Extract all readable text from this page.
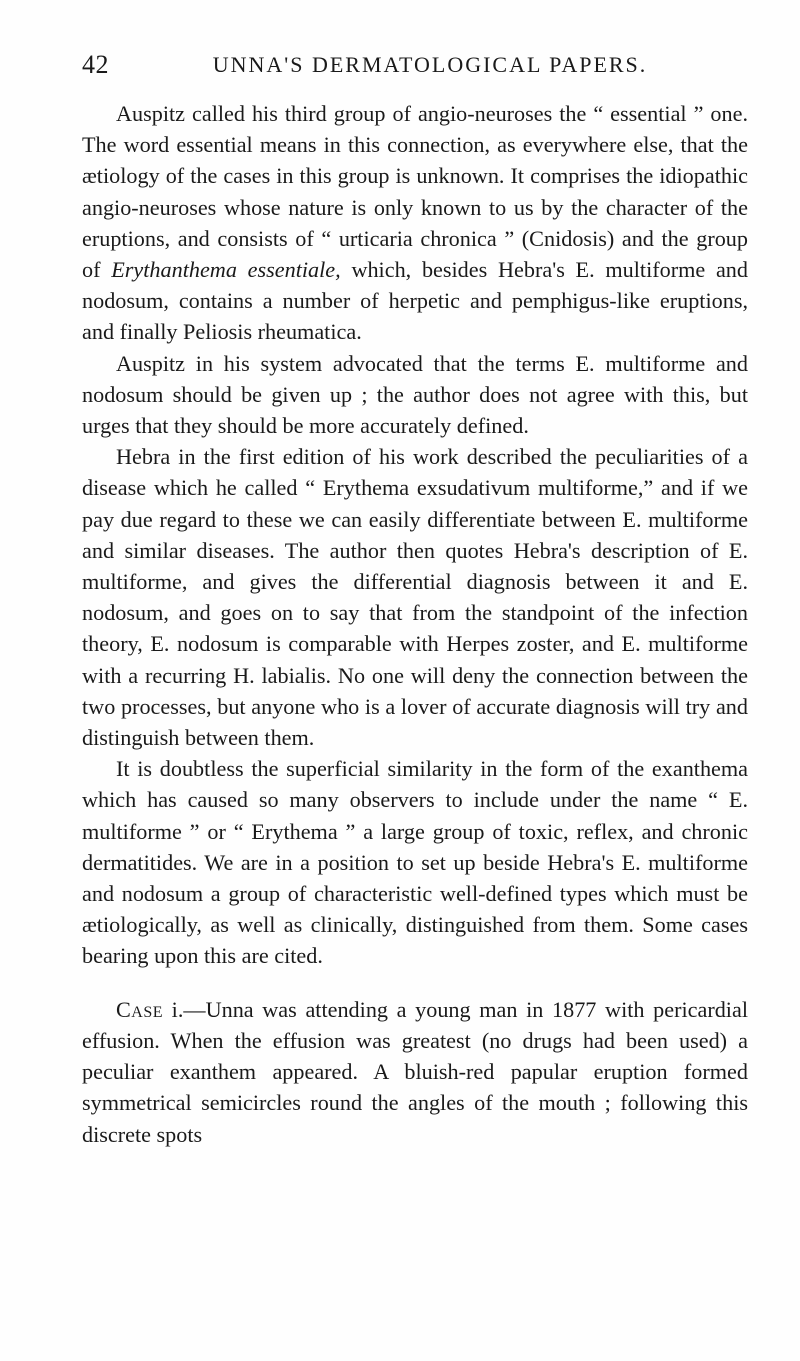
42	UNNA'S DERMATOLOGICAL PAPERS.

Auspitz called his third group of angio-neuroses the “ essential ” one. The word essential means in this connection, as everywhere else, that the ætiology of the cases in this group is unknown. It comprises the idiopathic angio-neuroses whose nature is only known to us by the character of the eruptions, and consists of “ urticaria chronica ” (Cnidosis) and the group of Erythanthema essentiale, which, besides Hebra's E. multiforme and nodosum, contains a number of herpetic and pemphigus-like eruptions, and finally Peliosis rheumatica.

Auspitz in his system advocated that the terms E. multiforme and nodosum should be given up ; the author does not agree with this, but urges that they should be more accurately defined.

Hebra in the first edition of his work described the peculiarities of a disease which he called “ Erythema exsudativum multiforme,” and if we pay due regard to these we can easily differentiate between E. multiforme and similar diseases. The author then quotes Hebra's description of E. multiforme, and gives the differential diagnosis between it and E. nodosum, and goes on to say that from the standpoint of the infection theory, E. nodosum is comparable with Herpes zoster, and E. multiforme with a recurring H. labialis. No one will deny the connection between the two processes, but anyone who is a lover of accurate diagnosis will try and distinguish between them.

It is doubtless the superficial similarity in the form of the exanthema which has caused so many observers to include under the name “ E. multiforme ” or “ Erythema ” a large group of toxic, reflex, and chronic dermatitides. We are in a position to set up beside Hebra's E. multiforme and nodosum a group of characteristic well-defined types which must be ætiologically, as well as clinically, distinguished from them. Some cases bearing upon this are cited.

Case i.—Unna was attending a young man in 1877 with pericardial effusion. When the effusion was greatest (no drugs had been used) a peculiar exanthem appeared. A bluish-red papular eruption formed symmetrical semicircles round the angles of the mouth ; following this discrete spots
